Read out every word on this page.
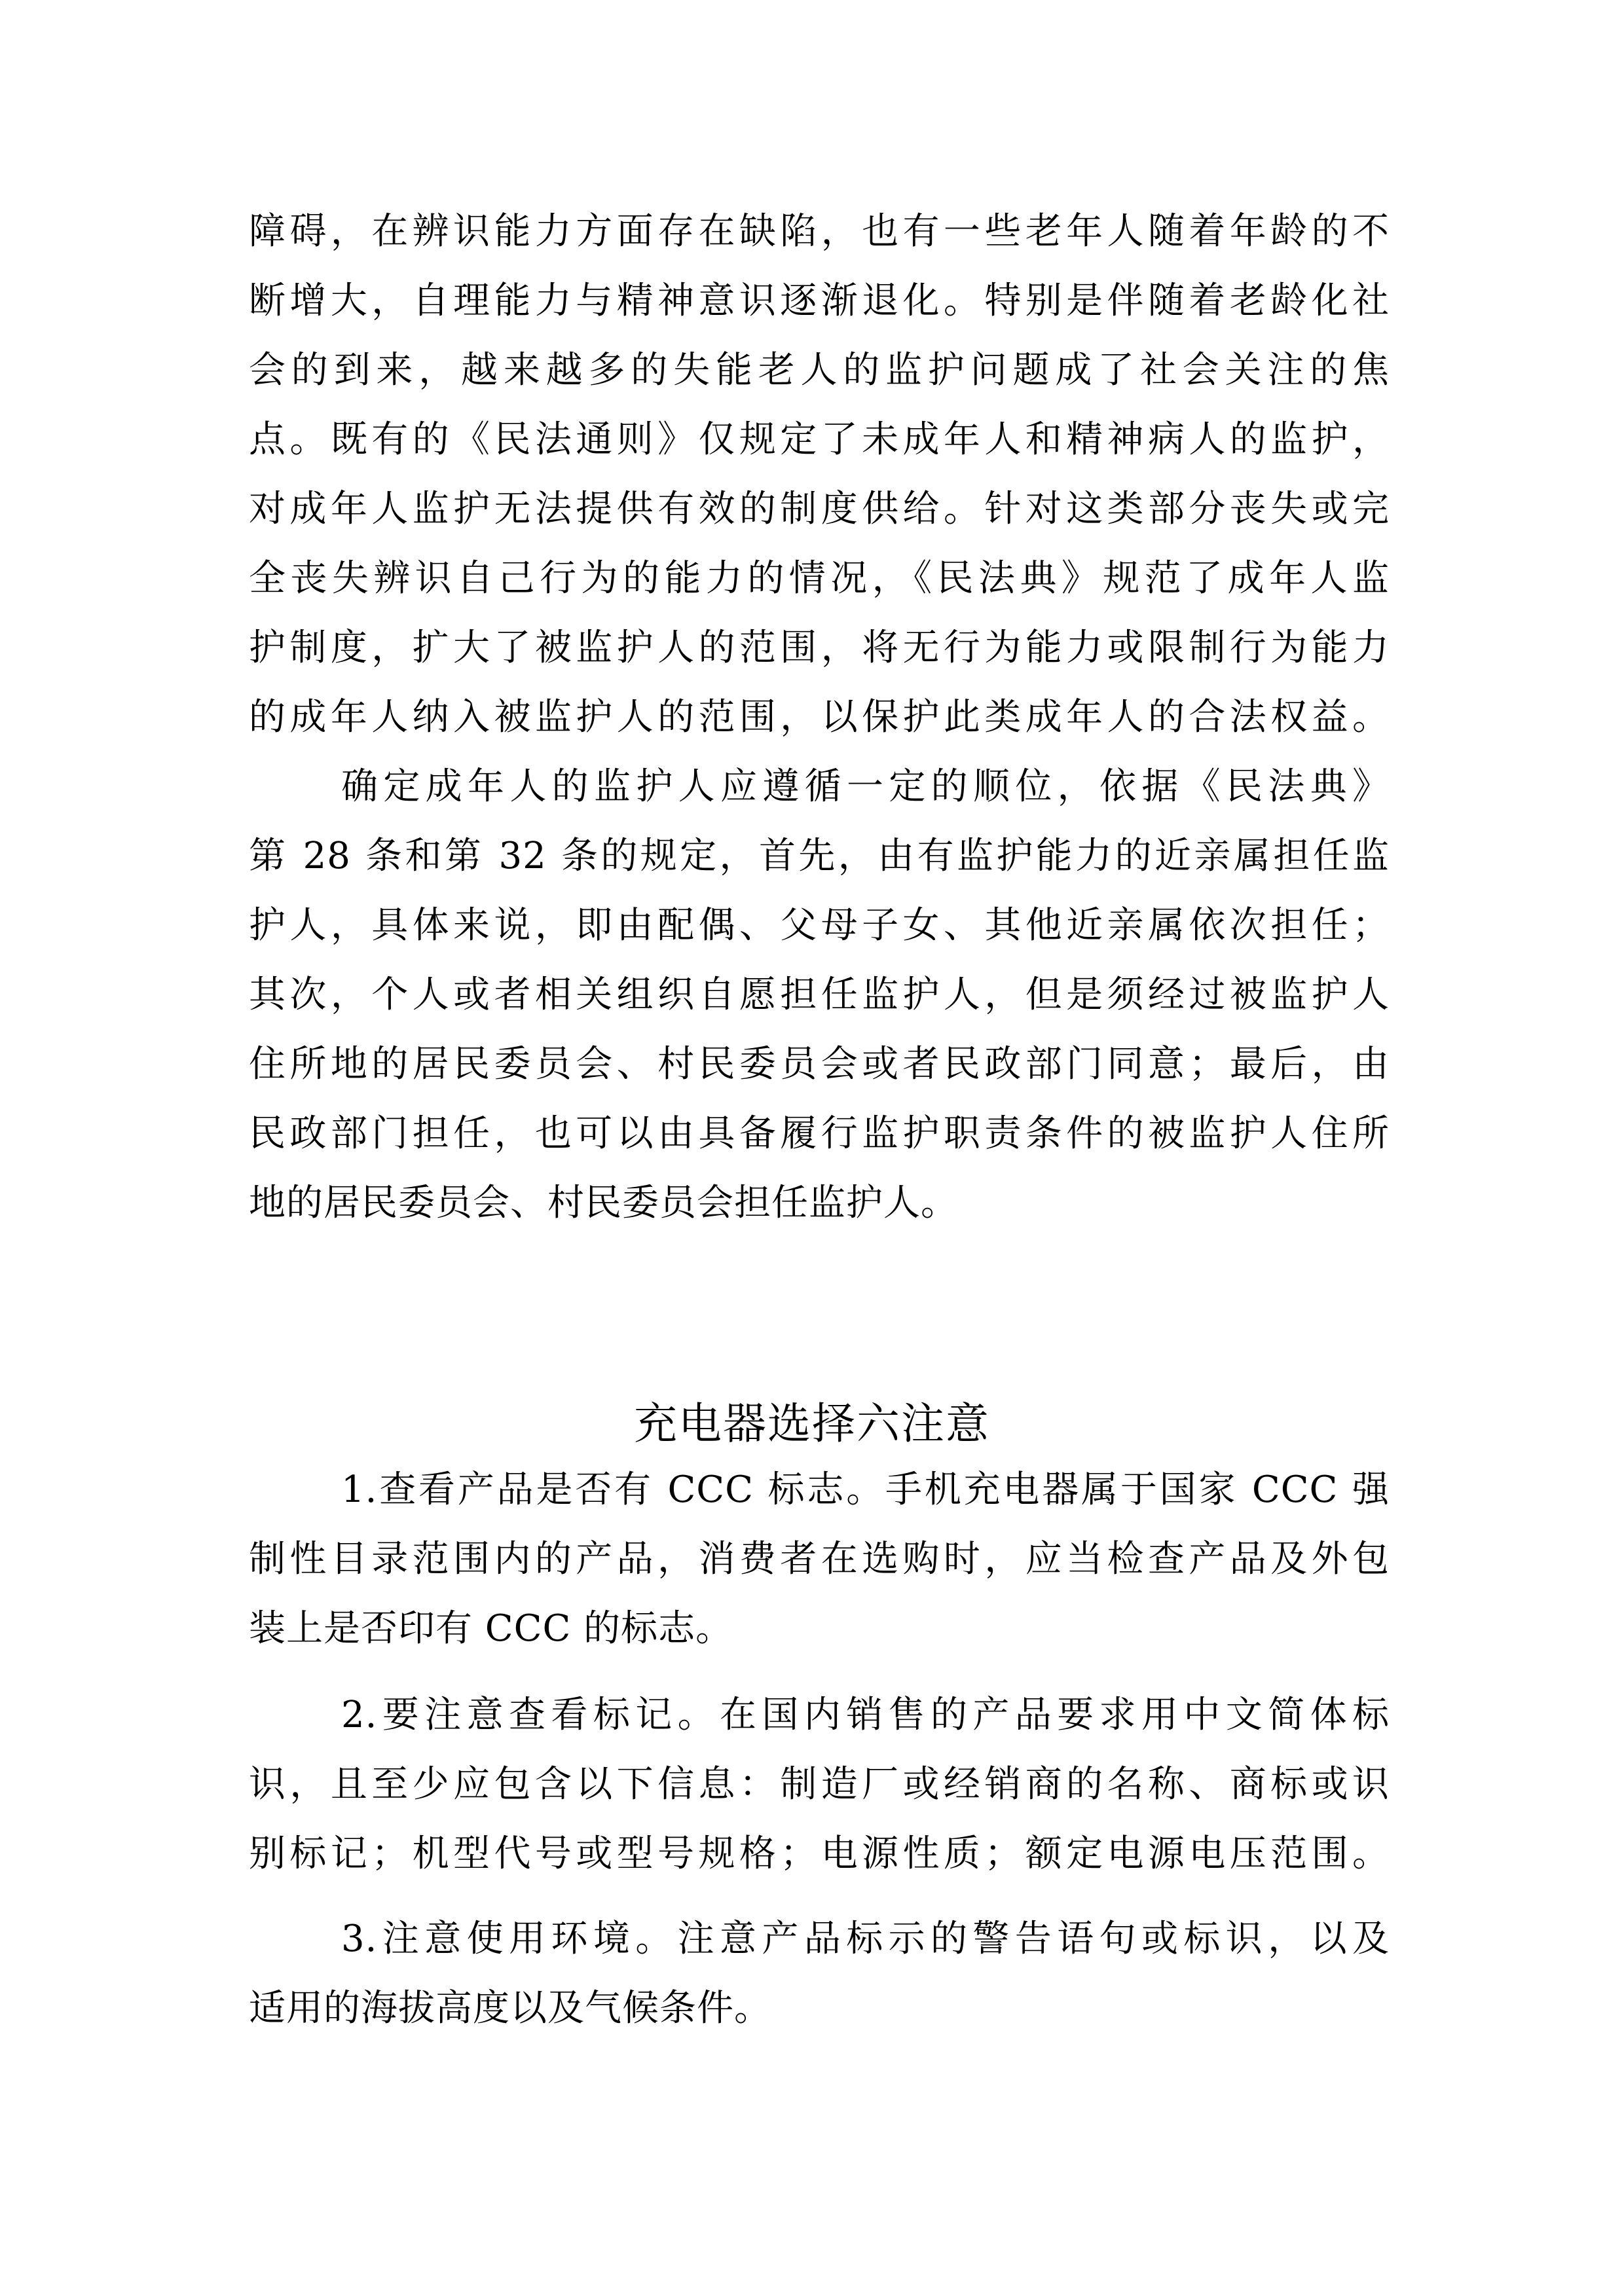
障碍，在辨识能力方面存在缺陷，也有一些老年人随着年龄的不
断增大，自理能力与精神意识逐渐退化。特别是伴随着老龄化社
会的到来，越来越多的失能老人的监护问题成了社会关注的焦
点。既有的《民法通则》仅规定了未成年人和精神病人的监护，
对成年人监护无法提供有效的制度供给。针对这类部分丧失或完
全丧失辨识自己行为的能力的情况，《民法典》规范了成年人监
护制度，扩大了被监护人的范围，将无行为能力或限制行为能力
的成年人纳入被监护人的范围，以保护此类成年人的合法权益。
确定成年人的监护人应遵循一定的顺位，依据《民法典》
第 28 条和第 32 条的规定，首先，由有监护能力的近亲属担任监
护人，具体来说，即由配偶、父母子女、其他近亲属依次担任；
其次，个人或者相关组织自愿担任监护人，但是须经过被监护人
住所地的居民委员会、村民委员会或者民政部门同意；最后，由
民政部门担任，也可以由具备履行监护职责条件的被监护人住所
地的居民委员会、村民委员会担任监护人。
充电器选择六注意
1.查看产品是否有 CCC 标志。手机充电器属于国家 CCC 强
制性目录范围内的产品，消费者在选购时，应当检查产品及外包
装上是否印有 CCC 的标志。
2.要注意查看标记。在国内销售的产品要求用中文简体标
识，且至少应包含以下信息：制造厂或经销商的名称、商标或识
别标记；机型代号或型号规格；电源性质；额定电源电压范围。
3.注意使用环境。注意产品标示的警告语句或标识，以及
适用的海拔高度以及气候条件。
